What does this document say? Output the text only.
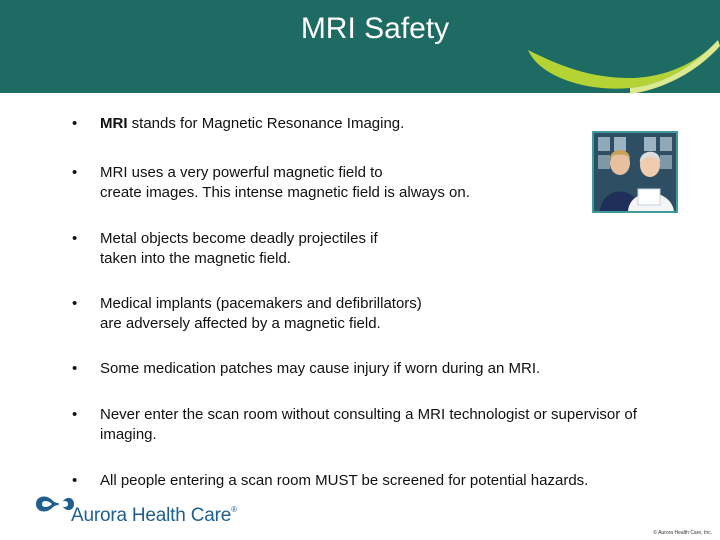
MRI Safety
•	MRI stands for Magnetic Resonance Imaging.
•	MRI uses a very powerful magnetic field to
create images. This intense magnetic field is always on.
•	Metal objects become deadly projectiles if
taken into the magnetic field.
•	Medical implants (pacemakers and defibrillators)
are adversely affected by a magnetic field.
•	Some medication patches may cause injury if worn during an MRI.
•	Never enter the scan room without consulting a MRI technologist or supervisor of
imaging.
•	All people entering a scan room MUST be screened for potential hazards.
Aurora Health Care®
© Aurora Health Care, Inc.
